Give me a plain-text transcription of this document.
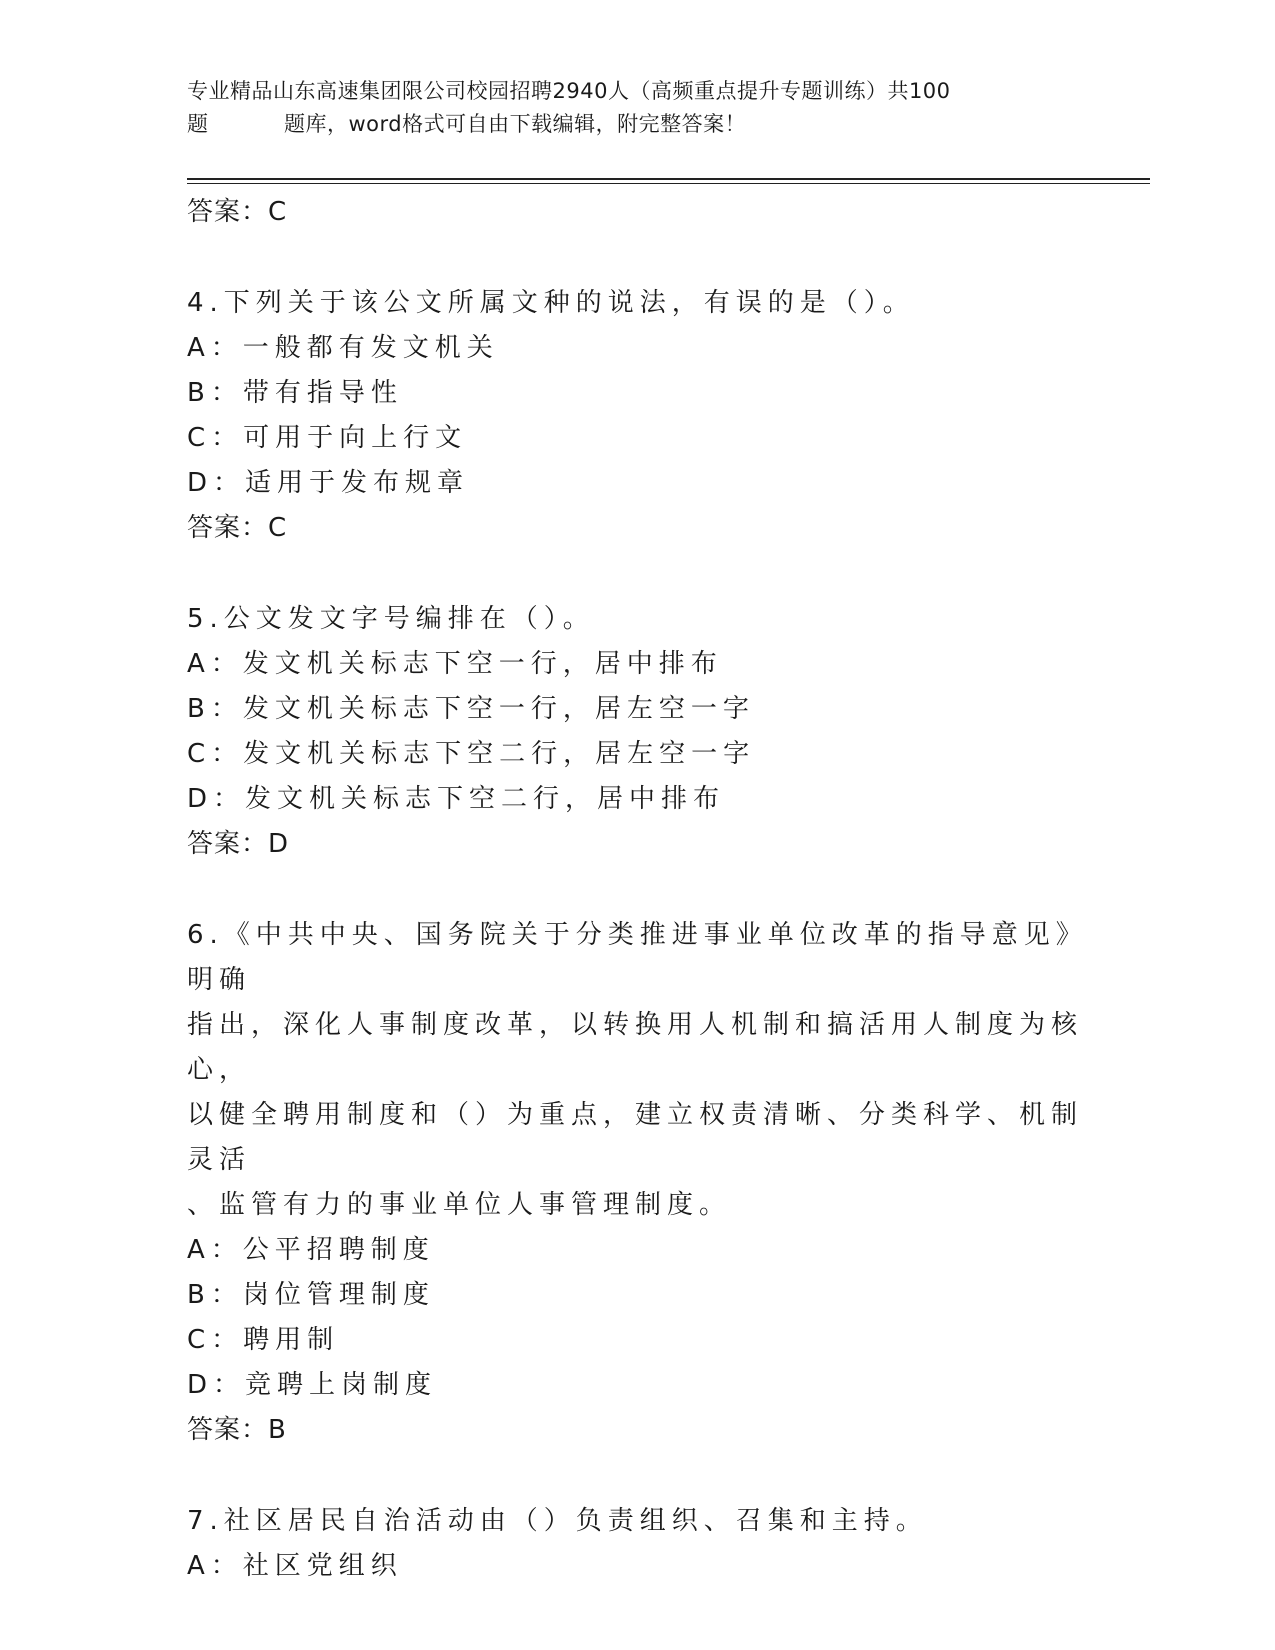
专业精品山东高速集团限公司校园招聘2940人（高频重点提升专题训练）共100
题	题库，word格式可自由下载编辑，附完整答案！
答案：C
4.下列关于该公文所属文种的说法，有误的是（）。
A：一般都有发文机关
B：带有指导性
C：可用于向上行文
D：适用于发布规章
答案：C
5.公文发文字号编排在（）。
A：发文机关标志下空一行，居中排布
B：发文机关标志下空一行，居左空一字
C：发文机关标志下空二行，居左空一字
D：发文机关标志下空二行，居中排布
答案：D
6.《中共中央、国务院关于分类推进事业单位改革的指导意见》明确
指出，深化人事制度改革，以转换用人机制和搞活用人制度为核心，
以健全聘用制度和（）为重点，建立权责清晰、分类科学、机制灵活
、监管有力的事业单位人事管理制度。
A：公平招聘制度
B：岗位管理制度
C：聘用制
D：竞聘上岗制度
答案：B
7.社区居民自治活动由（）负责组织、召集和主持。
A：社区党组织
